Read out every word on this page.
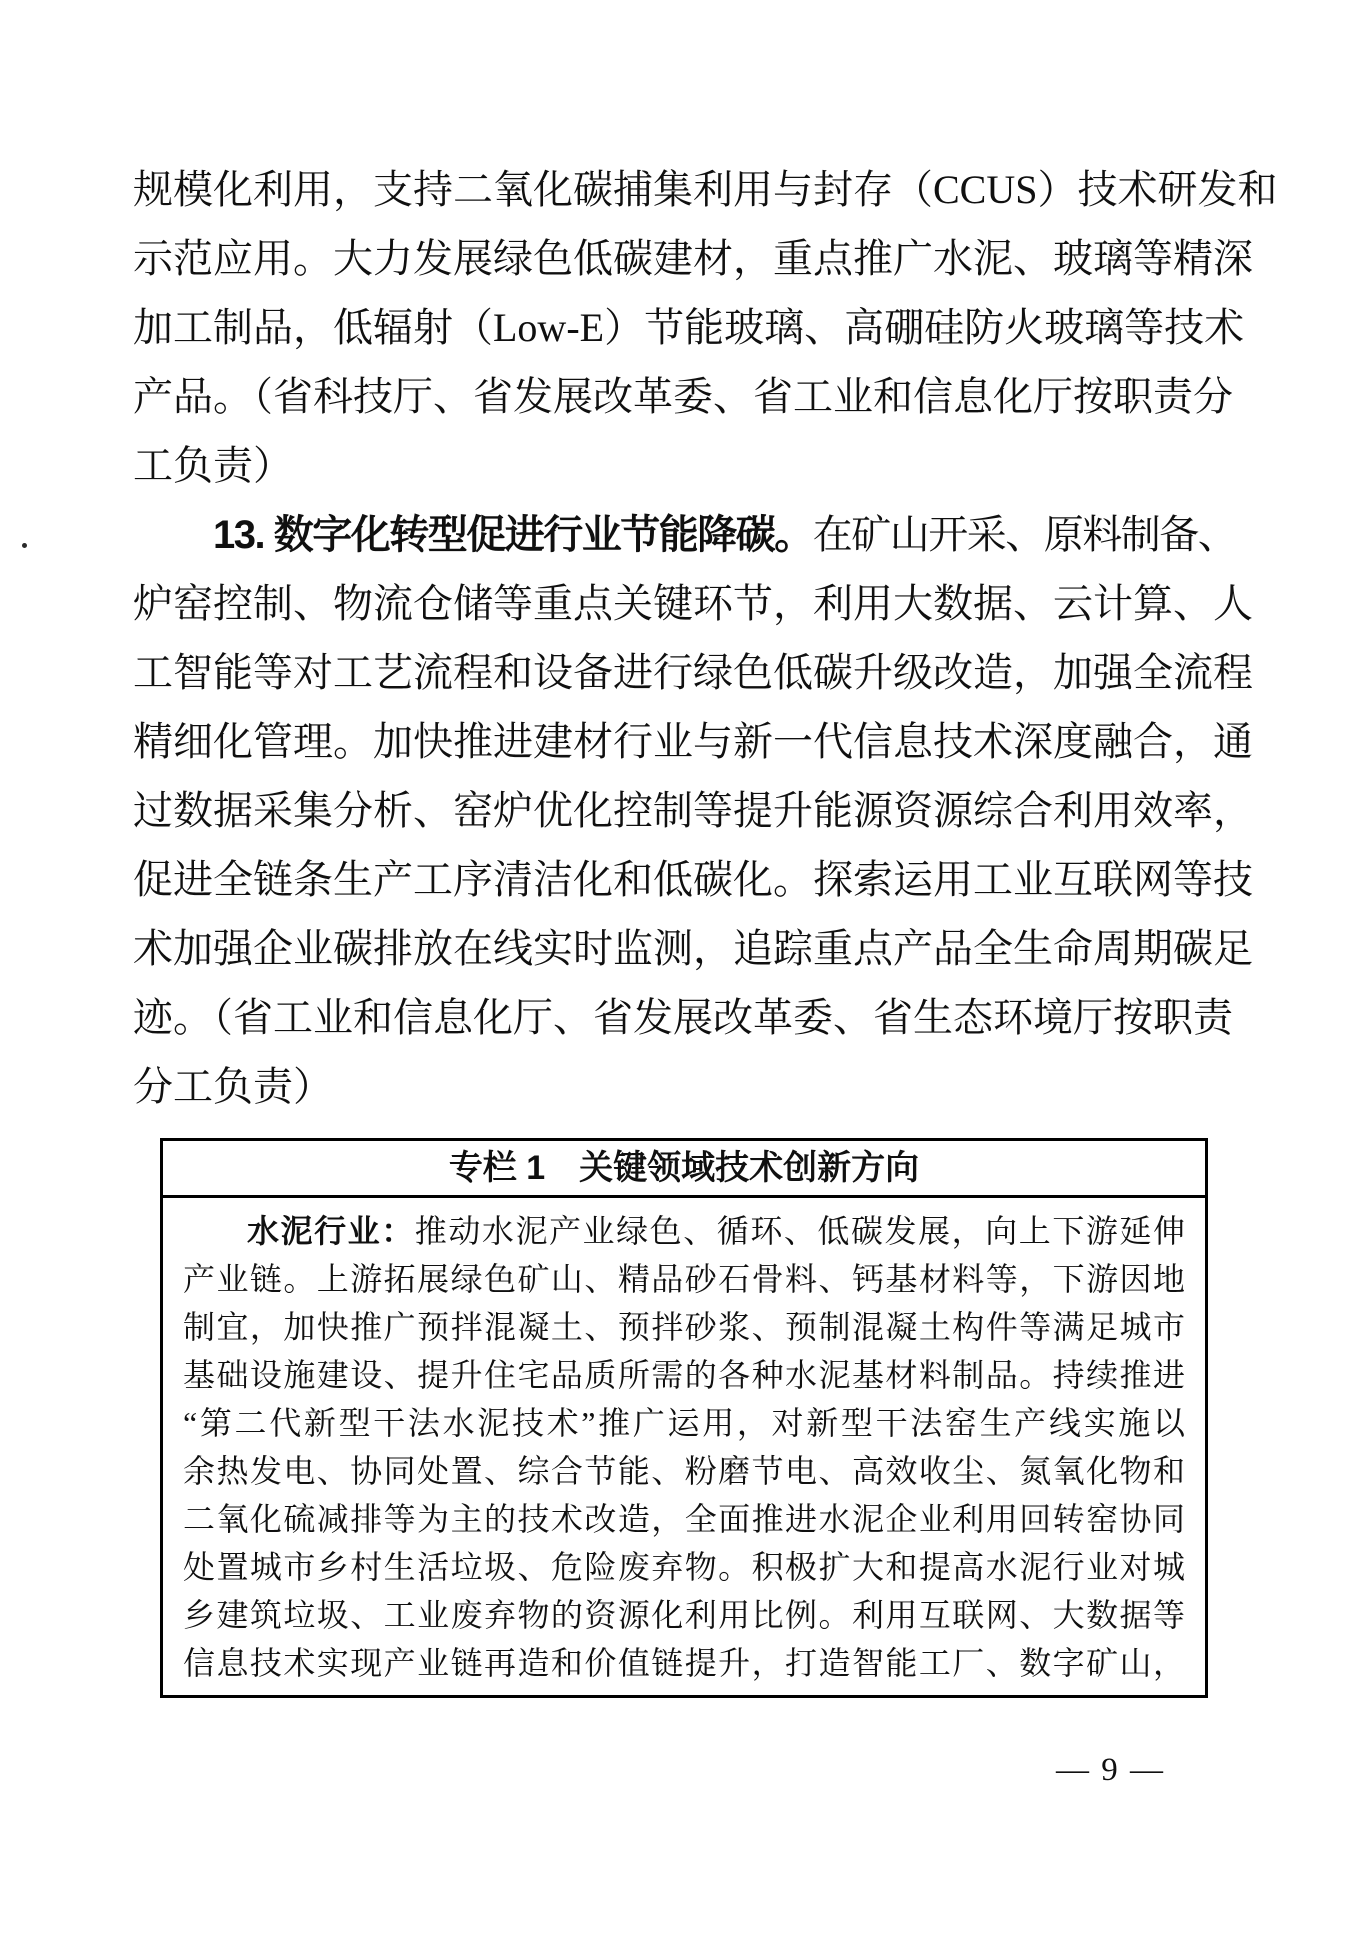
规模化利用，支持二氧化碳捕集利用与封存（CCUS）技术研发和
示范应用。大力发展绿色低碳建材，重点推广水泥、玻璃等精深
加工制品，低辐射（Low-E）节能玻璃、高硼硅防火玻璃等技术
产品。（省科技厅、省发展改革委、省工业和信息化厅按职责分
工负责）
13. 数字化转型促进行业节能降碳。在矿山开采、原料制备、
炉窑控制、物流仓储等重点关键环节，利用大数据、云计算、人
工智能等对工艺流程和设备进行绿色低碳升级改造，加强全流程
精细化管理。加快推进建材行业与新一代信息技术深度融合，通
过数据采集分析、窑炉优化控制等提升能源资源综合利用效率，
促进全链条生产工序清洁化和低碳化。探索运用工业互联网等技
术加强企业碳排放在线实时监测，追踪重点产品全生命周期碳足
迹。（省工业和信息化厅、省发展改革委、省生态环境厅按职责
分工负责）
专栏 1　关键领域技术创新方向
水泥行业：推动水泥产业绿色、循环、低碳发展，向上下游延伸
产业链。上游拓展绿色矿山、精品砂石骨料、钙基材料等，下游因地
制宜，加快推广预拌混凝土、预拌砂浆、预制混凝土构件等满足城市
基础设施建设、提升住宅品质所需的各种水泥基材料制品。持续推进
“第二代新型干法水泥技术”推广运用，对新型干法窑生产线实施以
余热发电、协同处置、综合节能、粉磨节电、高效收尘、氮氧化物和
二氧化硫减排等为主的技术改造，全面推进水泥企业利用回转窑协同
处置城市乡村生活垃圾、危险废弃物。积极扩大和提高水泥行业对城
乡建筑垃圾、工业废弃物的资源化利用比例。利用互联网、大数据等
信息技术实现产业链再造和价值链提升，打造智能工厂、数字矿山，
— 9 —
